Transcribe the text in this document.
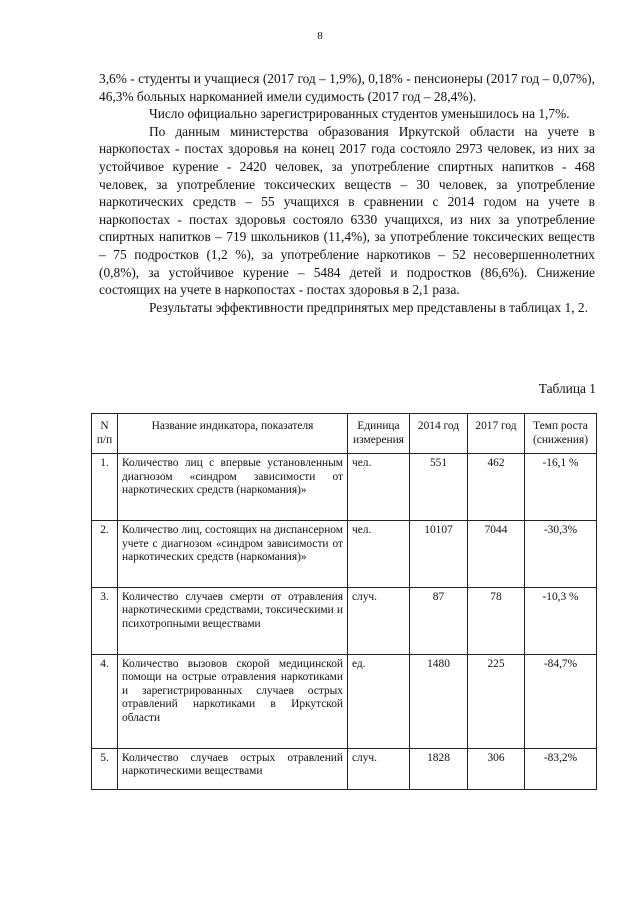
8

3,6% - студенты и учащиеся (2017 год – 1,9%), 0,18% - пенсионеры (2017 год – 0,07%), 46,3% больных наркоманией имели судимость (2017 год – 28,4%).

Число официально зарегистрированных студентов уменьшилось на 1,7%.

По данным министерства образования Иркутской области на учете в наркопостах - постах здоровья на конец 2017 года состояло 2973 человек, из них за устойчивое курение - 2420 человек, за употребление спиртных напитков - 468 человек, за употребление токсических веществ – 30 человек, за употребление наркотических средств – 55 учащихся в сравнении с 2014 годом на учете в наркопостах - постах здоровья состояло 6330 учащихся, из них за употребление спиртных напитков – 719 школьников (11,4%), за употребление токсических веществ – 75 подростков (1,2 %), за употребление наркотиков – 52 несовершеннолетних (0,8%), за устойчивое курение – 5484 детей и подростков (86,6%). Снижение состоящих на учете в наркопостах - постах здоровья в 2,1 раза.

Результаты эффективности предпринятых мер представлены в таблицах 1, 2.

Таблица 1
N п/п	Название индикатора, показателя	Единица измерения	2014 год	2017 год	Темп роста (снижения)
1.	Количество лиц с впервые установленным диагнозом «синдром зависимости от наркотических средств (наркомания)»	чел.	551	462	-16,1 %
2.	Количество лиц, состоящих на диспансерном учете с диагнозом «синдром зависимости от наркотических средств (наркомания)»	чел.	10107	7044	-30,3%
3.	Количество случаев смерти от отравления наркотическими средствами, токсическими и психотропными веществами	случ.	87	78	-10,3 %
4.	Количество вызовов скорой медицинской помощи на острые отравления наркотиками и зарегистрированных случаев острых отравлений наркотиками в Иркутской области	ед.	1480	225	-84,7%
5.	Количество случаев острых отравлений наркотическими веществами	случ.	1828	306	-83,2%
